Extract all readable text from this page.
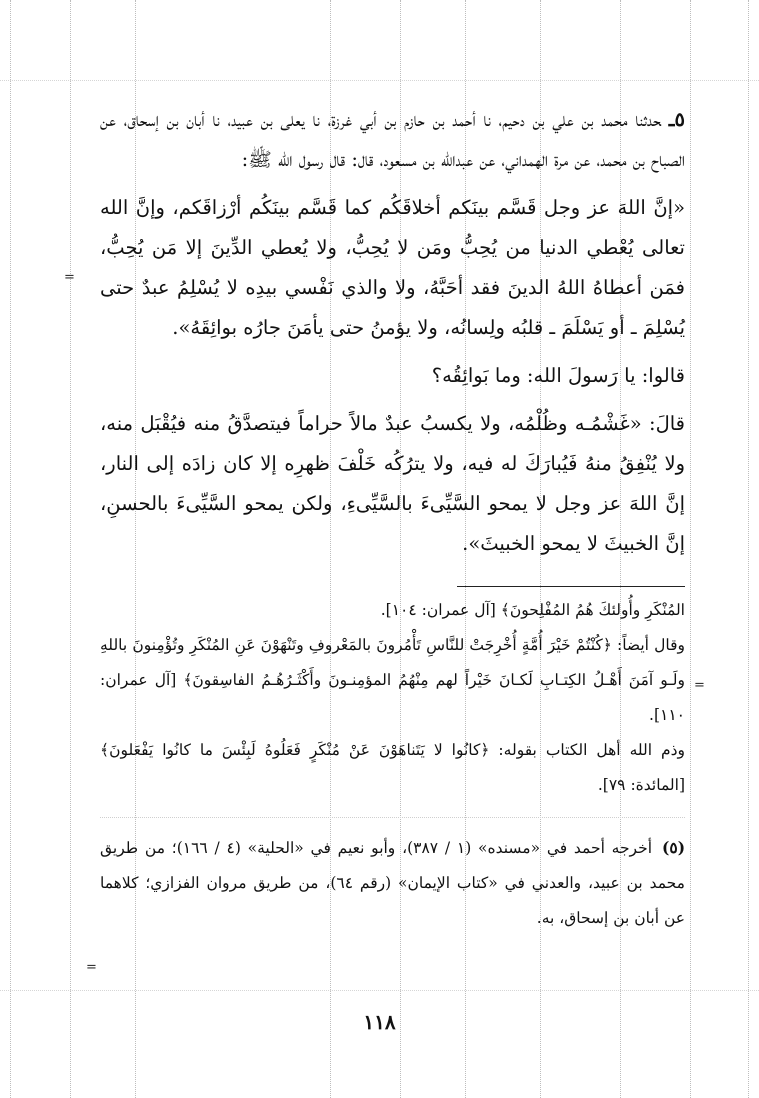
=
=
=

٥ـحدثنا محمد بن علي بن دحيم، نا أحمد بن حازم بن أبي غرزة، نا يعلى بن عبيد، نا أبان بن إسحاق، عن الصباح بن محمد، عن مرة الهمداني، عن عبدالله بن مسعود، قال: قال رسول الله ﷺ:

«إنَّ اللهَ عز وجل قَسَّم بينَكم أخلاقَكُم كما قَسَّم بينَكُم أرْزاقَكم، وإنَّ الله تعالى يُعْطي الدنيا من يُحِبُّ ومَن لا يُحِبُّ، ولا يُعطي الدِّينَ إلا مَن يُحِبُّ، فمَن أعطاهُ اللهُ الدينَ فقد أحَبَّهُ، ولا والذي نَفْسي بيدِه لا يُسْلِمُ عبدٌ حتى يُسْلِمَ ـ أو يَسْلَمَ ـ قلبُه ولِسانُه، ولا يؤمنُ حتى يأمَنَ جارُه بوائِقَهُ».

قالوا: يا رَسولَ الله: وما بَوائِقُه؟

قالَ: «غَشْمُـه وظُلْمُه، ولا يكسبُ عبدٌ مالاً حراماً فيتصدَّقُ منه فيُقْبَل منه، ولا يُنْفِقُ منهُ فَيُبارَكَ له فيه، ولا يترُكُه خَلْفَ ظهرِه إلا كان زادَه إلى النار، إنَّ اللهَ عز وجل لا يمحو السَّيِّىءَ بالسَّيِّىءِ، ولكن يمحو السَّيِّىءَ بالحسنِ، إنَّ الخبيثَ لا يمحو الخبيثَ».

المُنْكَرِ وأُولئكَ هُمُ المُفْلِحونَ﴾ [آل عمران: ١٠٤].

وقال أيضاً: ﴿كُنْتُمْ خَيْرَ أُمَّةٍ أُخْرِجَتْ للنَّاسِ تَأْمُرونَ بالمَعْروفِ وتَنْهَوْنَ عَنِ المُنْكَرِ وتُؤْمِنونَ باللهِ ولَـو آمَنَ أَهْـلُ الكِتـابِ لَكـانَ خَيْراً لهم مِنْهُمُ المؤمِنـونَ وأَكْثَـرُهُـمُ الفاسِقونَ﴾ [آل عمران: ١١٠].

وذم الله أهل الكتاب بقوله: ﴿كانُوا لا يَتَناهَوْنَ عَنْ مُنْكَرٍ فَعَلُوهُ لَبِئْسَ ما كانُوا يَفْعَلونَ﴾ [المائدة: ٧٩].

(٥)أخرجه أحمد في «مسنده» (١ / ٣٨٧)، وأبو نعيم في «الحلية» (٤ / ١٦٦)؛ من طريق محمد بن عبيد، والعدني في «كتاب الإيمان» (رقم ٦٤)، من طريق مروان الفزازي؛ كلاهما عن أبان بن إسحاق، به.

١١٨
